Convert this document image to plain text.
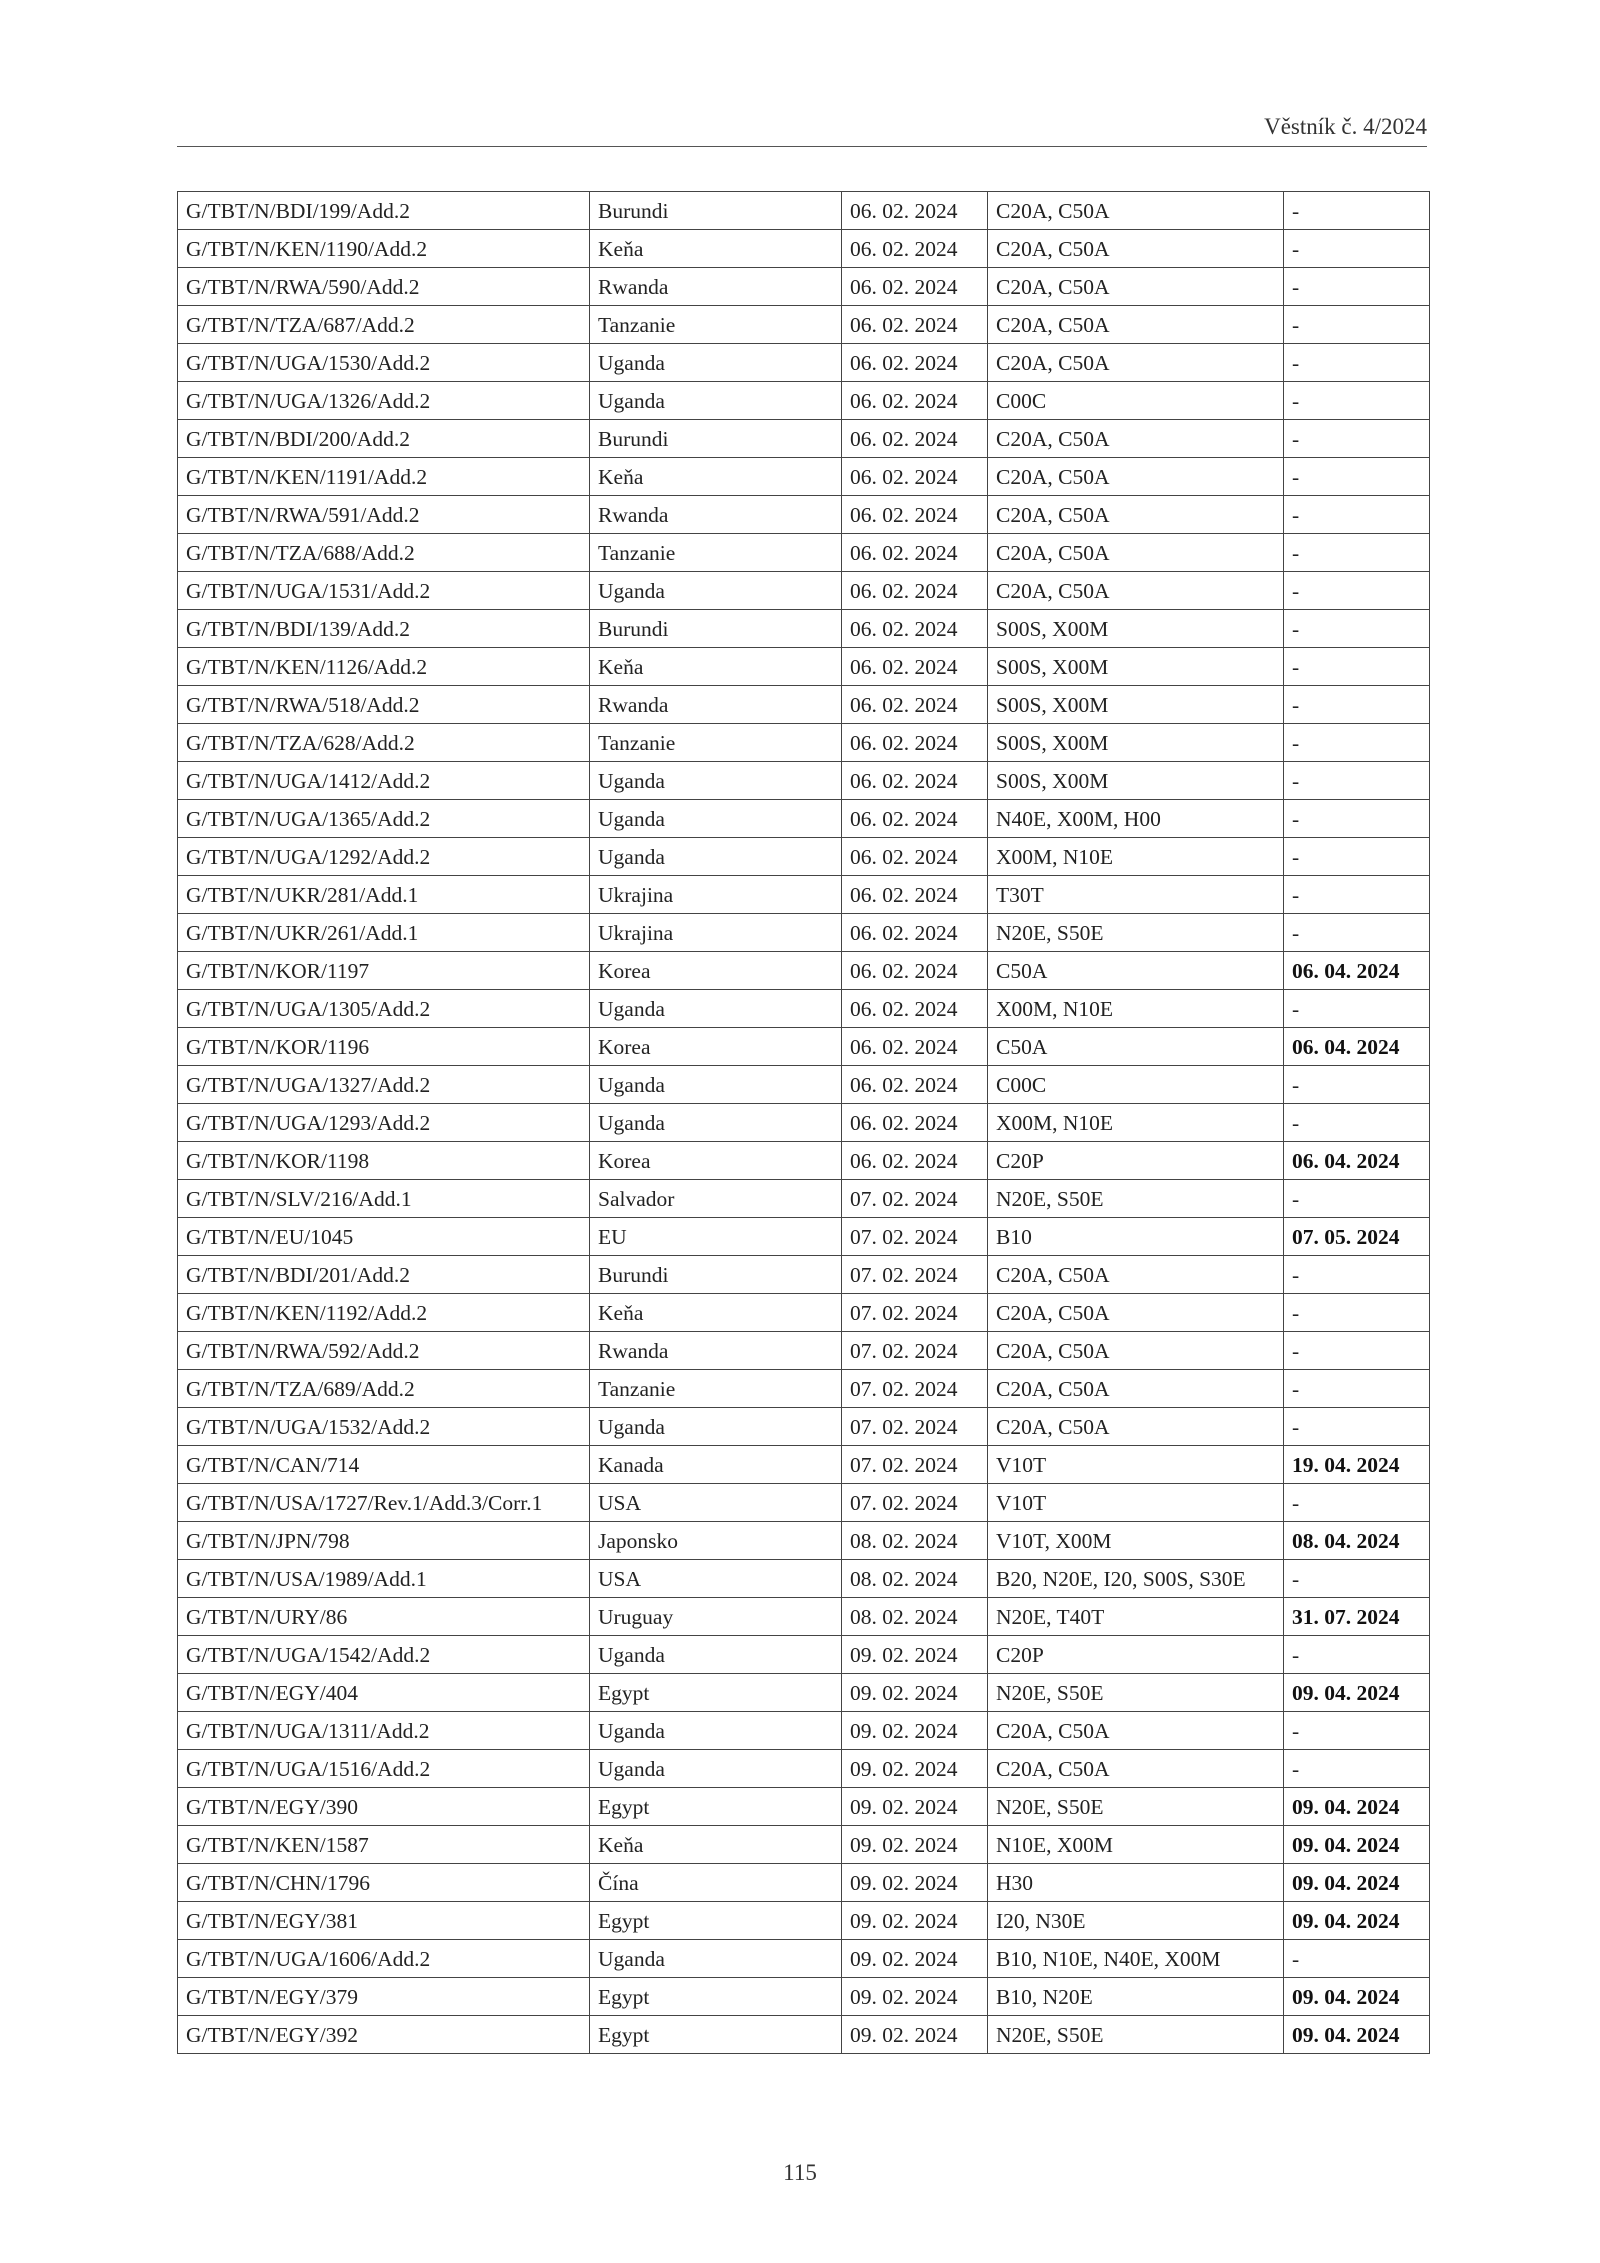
Věstník č. 4/2024
G/TBT/N/BDI/199/Add.2	Burundi	06. 02. 2024	C20A, C50A	-
G/TBT/N/KEN/1190/Add.2	Keňa	06. 02. 2024	C20A, C50A	-
G/TBT/N/RWA/590/Add.2	Rwanda	06. 02. 2024	C20A, C50A	-
G/TBT/N/TZA/687/Add.2	Tanzanie	06. 02. 2024	C20A, C50A	-
G/TBT/N/UGA/1530/Add.2	Uganda	06. 02. 2024	C20A, C50A	-
G/TBT/N/UGA/1326/Add.2	Uganda	06. 02. 2024	C00C	-
G/TBT/N/BDI/200/Add.2	Burundi	06. 02. 2024	C20A, C50A	-
G/TBT/N/KEN/1191/Add.2	Keňa	06. 02. 2024	C20A, C50A	-
G/TBT/N/RWA/591/Add.2	Rwanda	06. 02. 2024	C20A, C50A	-
G/TBT/N/TZA/688/Add.2	Tanzanie	06. 02. 2024	C20A, C50A	-
G/TBT/N/UGA/1531/Add.2	Uganda	06. 02. 2024	C20A, C50A	-
G/TBT/N/BDI/139/Add.2	Burundi	06. 02. 2024	S00S, X00M	-
G/TBT/N/KEN/1126/Add.2	Keňa	06. 02. 2024	S00S, X00M	-
G/TBT/N/RWA/518/Add.2	Rwanda	06. 02. 2024	S00S, X00M	-
G/TBT/N/TZA/628/Add.2	Tanzanie	06. 02. 2024	S00S, X00M	-
G/TBT/N/UGA/1412/Add.2	Uganda	06. 02. 2024	S00S, X00M	-
G/TBT/N/UGA/1365/Add.2	Uganda	06. 02. 2024	N40E, X00M, H00	-
G/TBT/N/UGA/1292/Add.2	Uganda	06. 02. 2024	X00M, N10E	-
G/TBT/N/UKR/281/Add.1	Ukrajina	06. 02. 2024	T30T	-
G/TBT/N/UKR/261/Add.1	Ukrajina	06. 02. 2024	N20E, S50E	-
G/TBT/N/KOR/1197	Korea	06. 02. 2024	C50A	06. 04. 2024
G/TBT/N/UGA/1305/Add.2	Uganda	06. 02. 2024	X00M, N10E	-
G/TBT/N/KOR/1196	Korea	06. 02. 2024	C50A	06. 04. 2024
G/TBT/N/UGA/1327/Add.2	Uganda	06. 02. 2024	C00C	-
G/TBT/N/UGA/1293/Add.2	Uganda	06. 02. 2024	X00M, N10E	-
G/TBT/N/KOR/1198	Korea	06. 02. 2024	C20P	06. 04. 2024
G/TBT/N/SLV/216/Add.1	Salvador	07. 02. 2024	N20E, S50E	-
G/TBT/N/EU/1045	EU	07. 02. 2024	B10	07. 05. 2024
G/TBT/N/BDI/201/Add.2	Burundi	07. 02. 2024	C20A, C50A	-
G/TBT/N/KEN/1192/Add.2	Keňa	07. 02. 2024	C20A, C50A	-
G/TBT/N/RWA/592/Add.2	Rwanda	07. 02. 2024	C20A, C50A	-
G/TBT/N/TZA/689/Add.2	Tanzanie	07. 02. 2024	C20A, C50A	-
G/TBT/N/UGA/1532/Add.2	Uganda	07. 02. 2024	C20A, C50A	-
G/TBT/N/CAN/714	Kanada	07. 02. 2024	V10T	19. 04. 2024
G/TBT/N/USA/1727/Rev.1/Add.3/Corr.1	USA	07. 02. 2024	V10T	-
G/TBT/N/JPN/798	Japonsko	08. 02. 2024	V10T, X00M	08. 04. 2024
G/TBT/N/USA/1989/Add.1	USA	08. 02. 2024	B20, N20E, I20, S00S, S30E	-
G/TBT/N/URY/86	Uruguay	08. 02. 2024	N20E, T40T	31. 07. 2024
G/TBT/N/UGA/1542/Add.2	Uganda	09. 02. 2024	C20P	-
G/TBT/N/EGY/404	Egypt	09. 02. 2024	N20E, S50E	09. 04. 2024
G/TBT/N/UGA/1311/Add.2	Uganda	09. 02. 2024	C20A, C50A	-
G/TBT/N/UGA/1516/Add.2	Uganda	09. 02. 2024	C20A, C50A	-
G/TBT/N/EGY/390	Egypt	09. 02. 2024	N20E, S50E	09. 04. 2024
G/TBT/N/KEN/1587	Keňa	09. 02. 2024	N10E, X00M	09. 04. 2024
G/TBT/N/CHN/1796	Čína	09. 02. 2024	H30	09. 04. 2024
G/TBT/N/EGY/381	Egypt	09. 02. 2024	I20, N30E	09. 04. 2024
G/TBT/N/UGA/1606/Add.2	Uganda	09. 02. 2024	B10, N10E, N40E, X00M	-
G/TBT/N/EGY/379	Egypt	09. 02. 2024	B10, N20E	09. 04. 2024
G/TBT/N/EGY/392	Egypt	09. 02. 2024	N20E, S50E	09. 04. 2024
115
